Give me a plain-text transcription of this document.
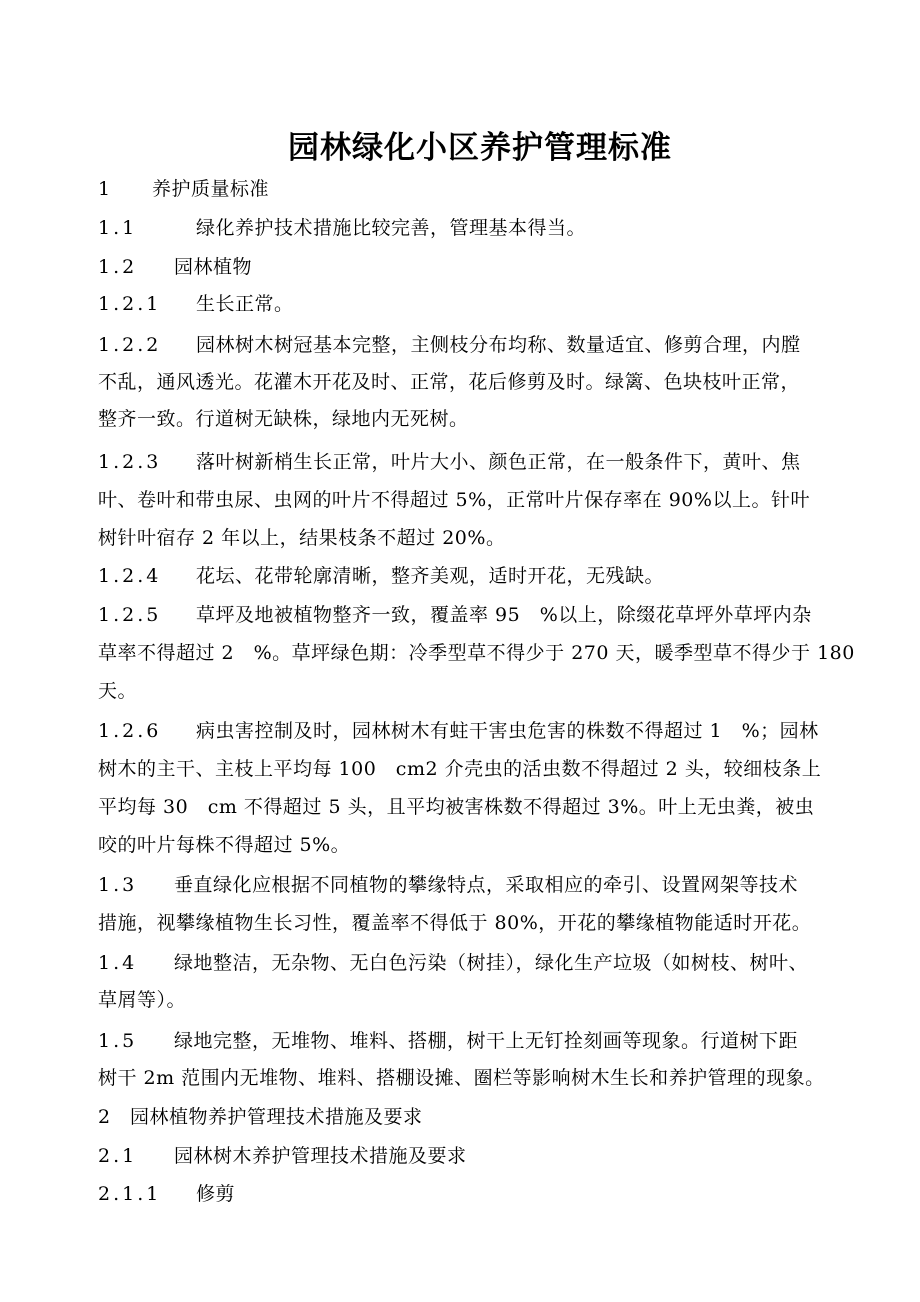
园林绿化小区养护管理标准
1 养护质量标准
1.1	绿化养护技术措施比较完善，管理基本得当。
1.2 园林植物
1.2.1 生长正常。
1.2.2 园林树木树冠基本完整，主侧枝分布均称、数量适宜、修剪合理，内膛
不乱，通风透光。花灌木开花及时、正常，花后修剪及时。绿篱、色块枝叶正常，
整齐一致。行道树无缺株，绿地内无死树。
1.2.3 落叶树新梢生长正常，叶片大小、颜色正常，在一般条件下，黄叶、焦
叶、卷叶和带虫尿、虫网的叶片不得超过 5%，正常叶片保存率在 90%以上。针叶
树针叶宿存 2 年以上，结果枝条不超过 20%。
1.2.4 花坛、花带轮廓清晰，整齐美观，适时开花，无残缺。
1.2.5 草坪及地被植物整齐一致，覆盖率 95　%以上，除缀花草坪外草坪内杂
草率不得超过 2　%。草坪绿色期：冷季型草不得少于 270 天，暖季型草不得少于 180
天。
1.2.6 病虫害控制及时，园林树木有蛀干害虫危害的株数不得超过 1　%；园林
树木的主干、主枝上平均每 100　cm2 介壳虫的活虫数不得超过 2 头，较细枝条上
平均每 30　cm 不得超过 5 头，且平均被害株数不得超过 3%。叶上无虫粪，被虫
咬的叶片每株不得超过 5%。
1.3 垂直绿化应根据不同植物的攀缘特点，采取相应的牵引、设置网架等技术
措施，视攀缘植物生长习性，覆盖率不得低于 80%，开花的攀缘植物能适时开花。
1.4 绿地整洁，无杂物、无白色污染（树挂），绿化生产垃圾（如树枝、树叶、
草屑等）。
1.5 绿地完整，无堆物、堆料、搭棚，树干上无钉拴刻画等现象。行道树下距
树干 2m 范围内无堆物、堆料、搭棚设摊、圈栏等影响树木生长和养护管理的现象。
2 园林植物养护管理技术措施及要求
2.1 园林树木养护管理技术措施及要求
2.1.1 修剪
